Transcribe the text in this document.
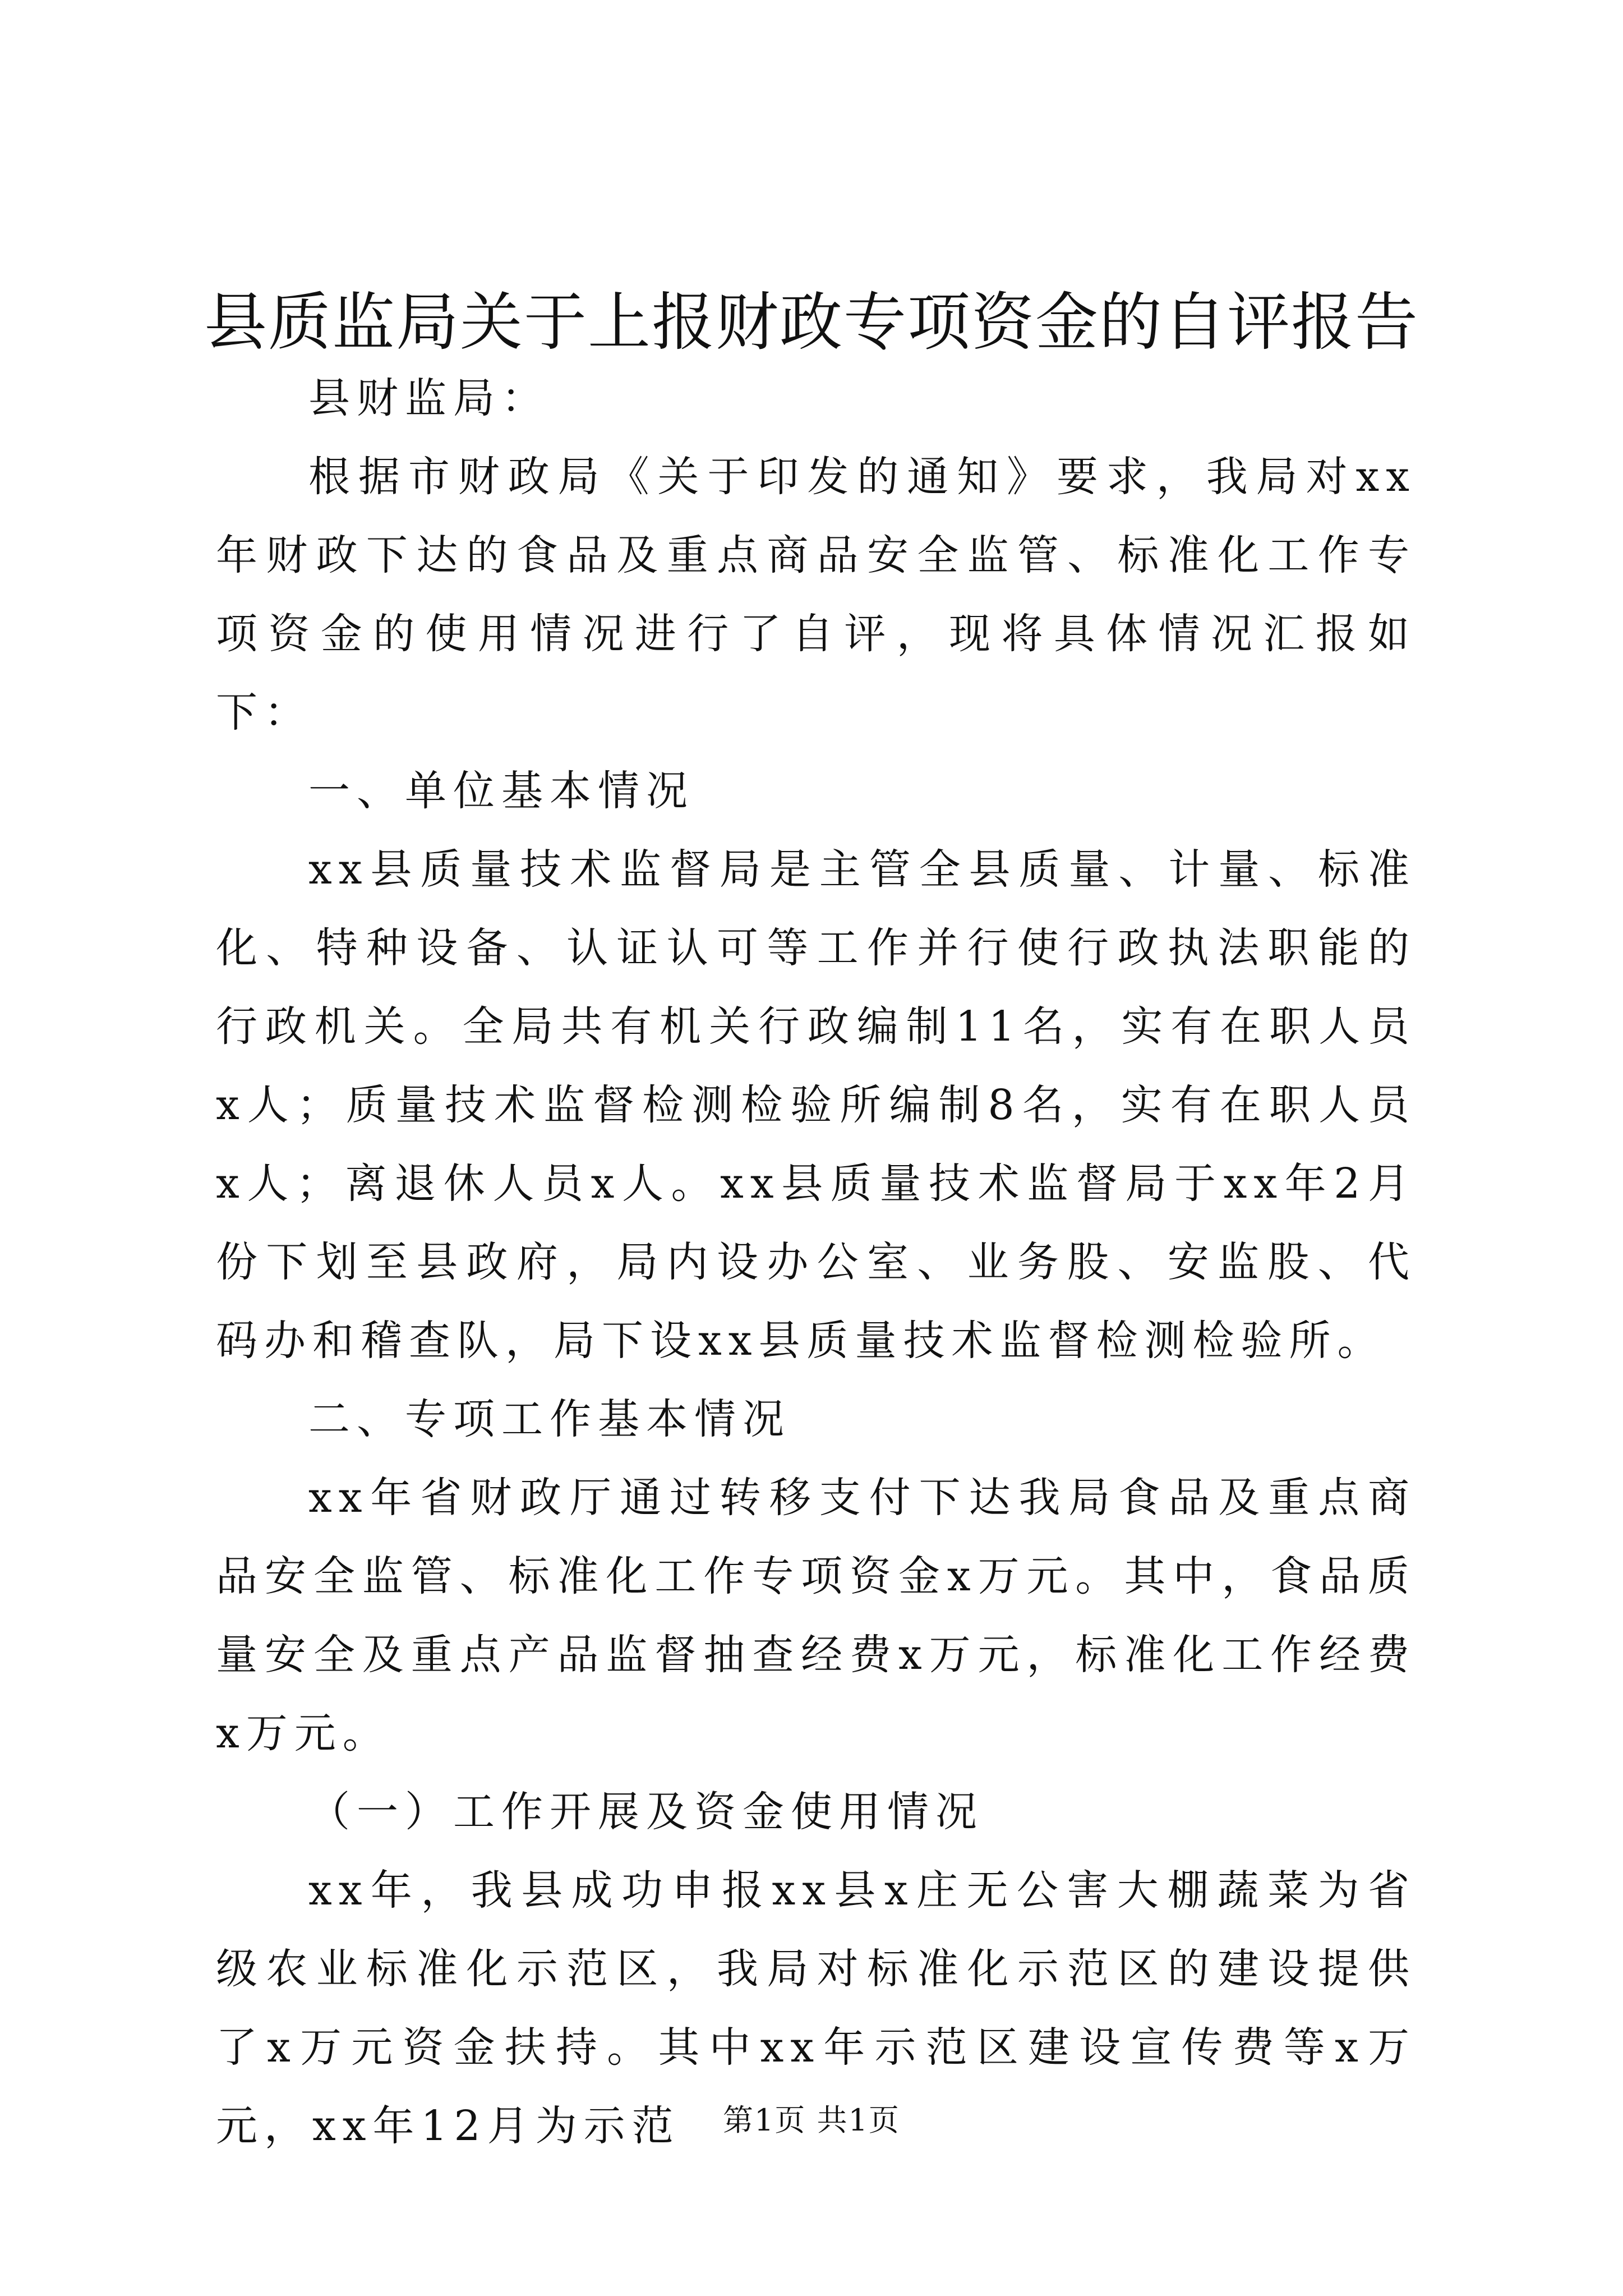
县质监局关于上报财政专项资金的自评报告

县财监局：

根据市财政局《关于印发的通知》要求，我局对xx年财政下达的食品及重点商品安全监管、标准化工作专项资金的使用情况进行了自评，现将具体情况汇报如下：

一、单位基本情况

xx县质量技术监督局是主管全县质量、计量、标准化、特种设备、认证认可等工作并行使行政执法职能的行政机关。全局共有机关行政编制11名，实有在职人员x人；质量技术监督检测检验所编制8名，实有在职人员x人；离退休人员x人。xx县质量技术监督局于xx年2月份下划至县政府，局内设办公室、业务股、安监股、代码办和稽查队，局下设xx县质量技术监督检测检验所。

二、专项工作基本情况

xx年省财政厅通过转移支付下达我局食品及重点商品安全监管、标准化工作专项资金x万元。其中，食品质量安全及重点产品监督抽查经费x万元，标准化工作经费x万元。

（一）工作开展及资金使用情况

xx年，我县成功申报xx县x庄无公害大棚蔬菜为省级农业标准化示范区，我局对标准化示范区的建设提供了x万元资金扶持。其中xx年示范区建设宣传费等x万元，xx年12月为示范	第1页 共1页
